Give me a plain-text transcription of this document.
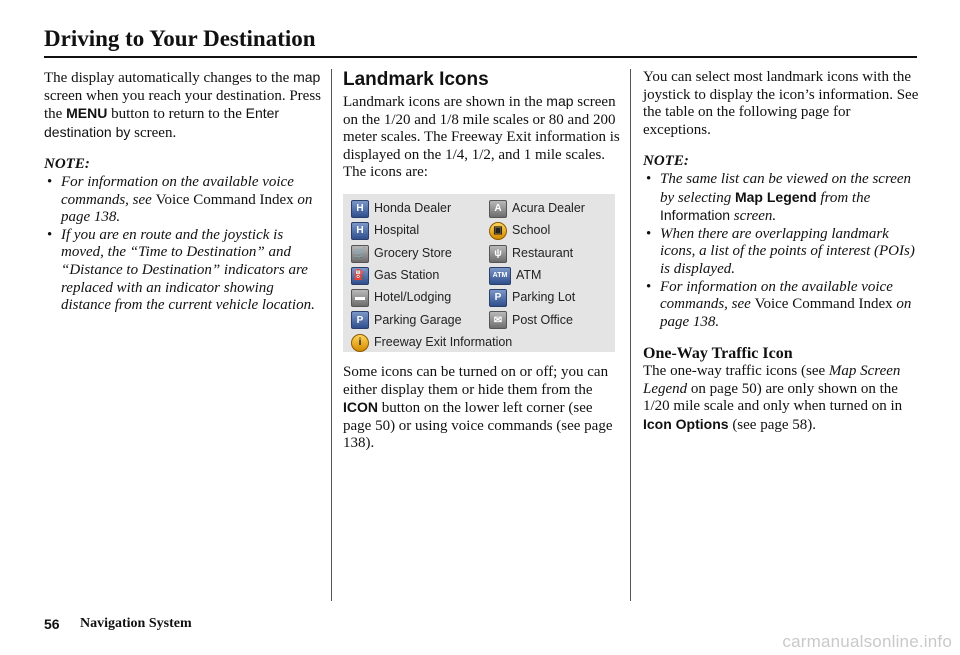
Driving to Your Destination

The display automatically changes to the map screen when you reach your destination. Press the MENU button to return to the Enter destination by screen.

NOTE:

• For information on the available voice commands, see Voice Command Index on page 138.
• If you are en route and the joystick is moved, the “Time to Destination” and “Distance to Destination” indicators are replaced with an indicator showing distance from the current vehicle location.
Landmark Icons

Landmark icons are shown in the map screen on the 1/20 and 1/8 mile scales or 80 and 200 meter scales. The Freeway Exit information is displayed on the 1/4, 1/2, and 1 mile scales. The icons are:

H Honda Dealer	A Acura Dealer
H Hospital	▣ School
🛒 Grocery Store	ψ Restaurant
⛽ Gas Station	ATM ATM
▬ Hotel/Lodging	P Parking Lot
P Parking Garage	✉ Post Office
i	Freeway Exit Information

Some icons can be turned on or off; you can either display them or hide them from the ICON button on the lower left corner (see page 50) or using voice commands (see page 138).

You can select most landmark icons with the joystick to display the icon’s information. See the table on the following page for exceptions.

NOTE:

• The same list can be viewed on the screen by selecting Map Legend from the Information screen.
• When there are overlapping landmark icons, a list of the points of interest (POIs) is displayed.
• For information on the available voice commands, see Voice Command Index on page 138.
One-Way Traffic Icon

The one-way traffic icons (see Map Screen Legend on page 50) are only shown on the 1/20 mile scale and only when turned on in Icon Options (see page 58).

56 Navigation System
carmanualsonline.info
